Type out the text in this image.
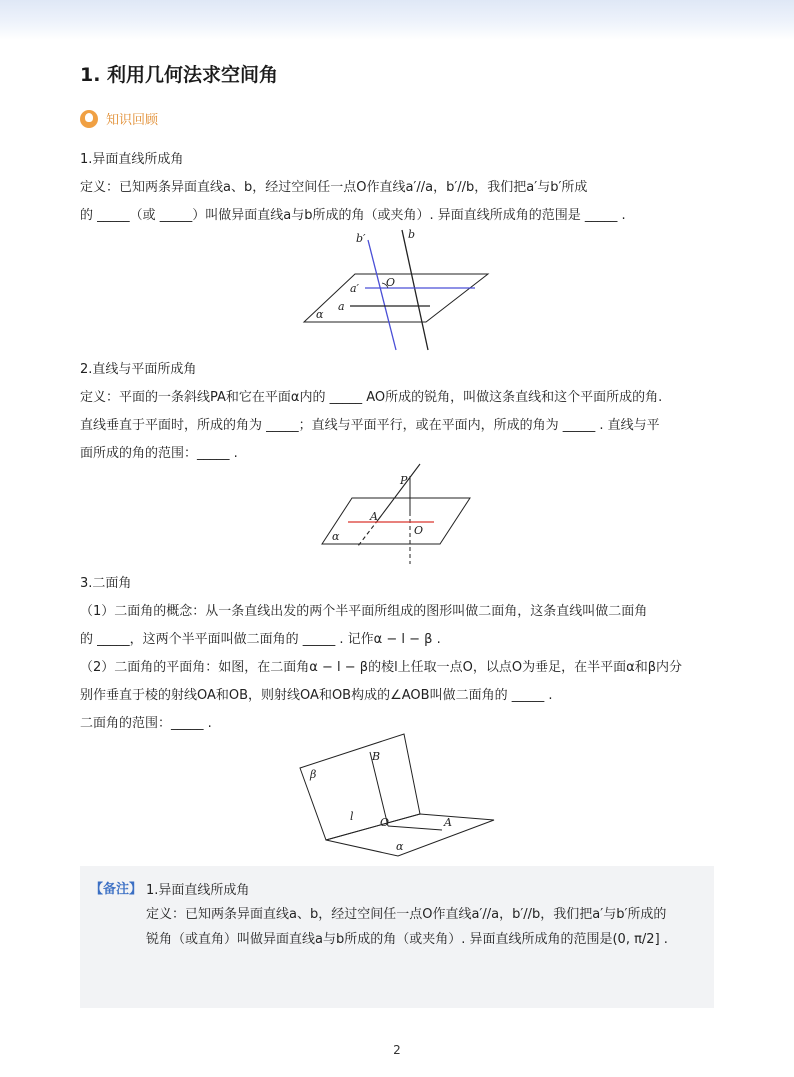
1. 利用几何法求空间角
知识回顾
1.异面直线所成角
定义：已知两条异面直线a、b，经过空间任一点O作直线a′//a，b′//b，我们把a′与b′所成
的 _____（或 _____）叫做异面直线a与b所成的角（或夹角）. 异面直线所成角的范围是 _____ .
b′	b
O
a′
a
α
2.直线与平面所成角
定义：平面的一条斜线PA和它在平面α内的 _____ AO所成的锐角，叫做这条直线和这个平面所成的角.
直线垂直于平面时，所成的角为 _____；直线与平面平行，或在平面内，所成的角为 _____ . 直线与平
面所成的角的范围：_____ .
P
A
O
α
3.二面角
（1）二面角的概念：从一条直线出发的两个半平面所组成的图形叫做二面角，这条直线叫做二面角
的 _____，这两个半平面叫做二面角的 _____ . 记作α − l − β .
（2）二面角的平面角：如图，在二面角α − l − β的棱l上任取一点O，以点O为垂足，在半平面α和β内分
别作垂直于棱的射线OA和OB，则射线OA和OB构成的∠AOB叫做二面角的 _____ .
二面角的范围：_____ .
β
B
l O	A
α
【备注】 1.异面直线所成角
定义：已知两条异面直线a、b，经过空间任一点O作直线a′//a，b′//b，我们把a′与b′所成的
锐角（或直角）叫做异面直线a与b所成的角（或夹角）. 异面直线所成角的范围是(0, π/2] .
2
